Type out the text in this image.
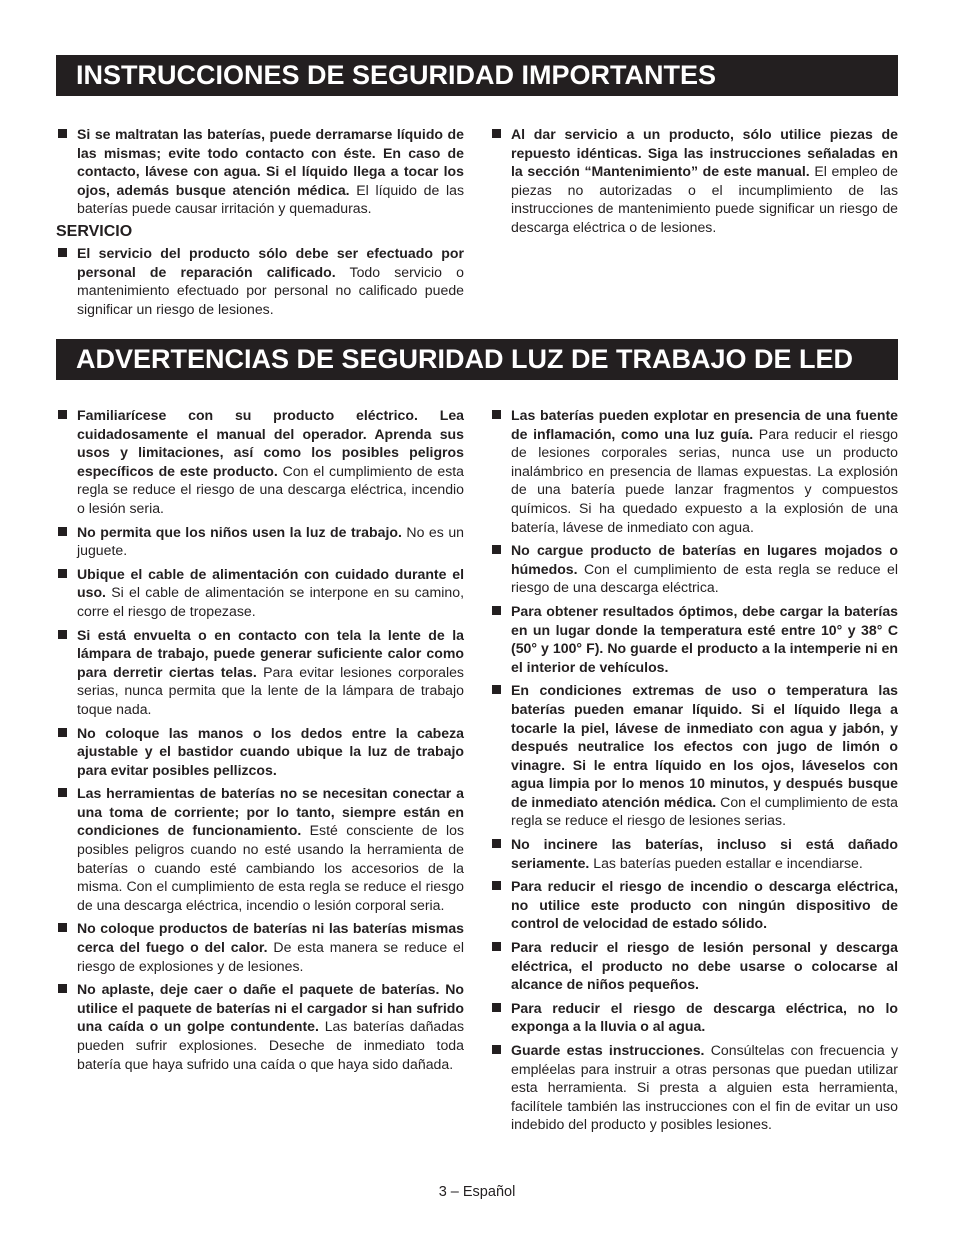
INSTRUCCIONES DE SEGURIDAD IMPORTANTES
Si se maltratan las baterías, puede derramarse líquido de las mismas; evite todo contacto con éste. En caso de contacto, lávese con agua. Si el líquido llega a tocar los ojos, además busque atención médica. El líquido de las baterías puede causar irritación y quemaduras.
SERVICIO
El servicio del producto sólo debe ser efectuado por personal de reparación calificado. Todo servicio o mantenimiento efectuado por personal no calificado puede significar un riesgo de lesiones.
Al dar servicio a un producto, sólo utilice piezas de repuesto idénticas. Siga las instrucciones señaladas en la sección “Mantenimiento” de este manual. El empleo de piezas no autorizadas o el incumplimiento de las instrucciones de mantenimiento puede significar un riesgo de descarga eléctrica o de lesiones.
ADVERTENCIAS DE SEGURIDAD LUZ DE TRABAJO DE LED
Familiarícese con su producto eléctrico. Lea cuidadosamente el manual del operador. Aprenda sus usos y limitaciones, así como los posibles peligros específicos de este producto. Con el cumplimiento de esta regla se reduce el riesgo de una descarga eléctrica, incendio o lesión seria.
No permita que los niños usen la luz de trabajo. No es un juguete.
Ubique el cable de alimentación con cuidado durante el uso. Si el cable de alimentación se interpone en su camino, corre el riesgo de tropezase.
Si está envuelta o en contacto con tela la lente de la lámpara de trabajo, puede generar suficiente calor como para derretir ciertas telas. Para evitar lesiones corporales serias, nunca permita que la lente de la lámpara de trabajo toque nada.
No coloque las manos o los dedos entre la cabeza ajustable y el bastidor cuando ubique la luz de trabajo para evitar posibles pellizcos.
Las herramientas de baterías no se necesitan conectar a una toma de corriente; por lo tanto, siempre están en condiciones de funcionamiento. Esté consciente de los posibles peligros cuando no esté usando la herramienta de baterías o cuando esté cambiando los accesorios de la misma. Con el cumplimiento de esta regla se reduce el riesgo de una descarga eléctrica, incendio o lesión corporal seria.
No coloque productos de baterías ni las baterías mismas cerca del fuego o del calor. De esta manera se reduce el riesgo de explosiones y de lesiones.
No aplaste, deje caer o dañe el paquete de baterías. No utilice el paquete de baterías ni el cargador si han sufrido una caída o un golpe contundente. Las baterías dañadas pueden sufrir explosiones. Deseche de inmediato toda batería que haya sufrido una caída o que haya sido dañada.
Las baterías pueden explotar en presencia de una fuente de inflamación, como una luz guía. Para reducir el riesgo de lesiones corporales serias, nunca use un producto inalámbrico en presencia de llamas expuestas. La explosión de una batería puede lanzar fragmentos y compuestos químicos. Si ha quedado expuesto a la explosión de una batería, lávese de inmediato con agua.
No cargue producto de baterías en lugares mojados o húmedos. Con el cumplimiento de esta regla se reduce el riesgo de una descarga eléctrica.
Para obtener resultados óptimos, debe cargar la baterías en un lugar donde la temperatura esté entre 10° y 38° C (50° y 100° F). No guarde el producto a la intemperie ni en el interior de vehículos.
En condiciones extremas de uso o temperatura las baterías pueden emanar líquido. Si el líquido llega a tocarle la piel, lávese de inmediato con agua y jabón, y después neutralice los efectos con jugo de limón o vinagre. Si le entra líquido en los ojos, láveselos con agua limpia por lo menos 10 minutos, y después busque de inmediato atención médica. Con el cumplimiento de esta regla se reduce el riesgo de lesiones serias.
No incinere las baterías, incluso si está dañado seriamente. Las baterías pueden estallar e incendiarse.
Para reducir el riesgo de incendio o descarga eléctrica, no utilice este producto con ningún dispositivo de control de velocidad de estado sólido.
Para reducir el riesgo de lesión personal y descarga eléctrica, el producto no debe usarse o colocarse al alcance de niños pequeños.
Para reducir el riesgo de descarga eléctrica, no lo exponga a la lluvia o al agua.
Guarde estas instrucciones. Consúltelas con frecuencia y empléelas para instruir a otras personas que puedan utilizar esta herramienta. Si presta a alguien esta herramienta, facilítele también las instrucciones con el fin de evitar un uso indebido del producto y posibles lesiones.
3 – Español
